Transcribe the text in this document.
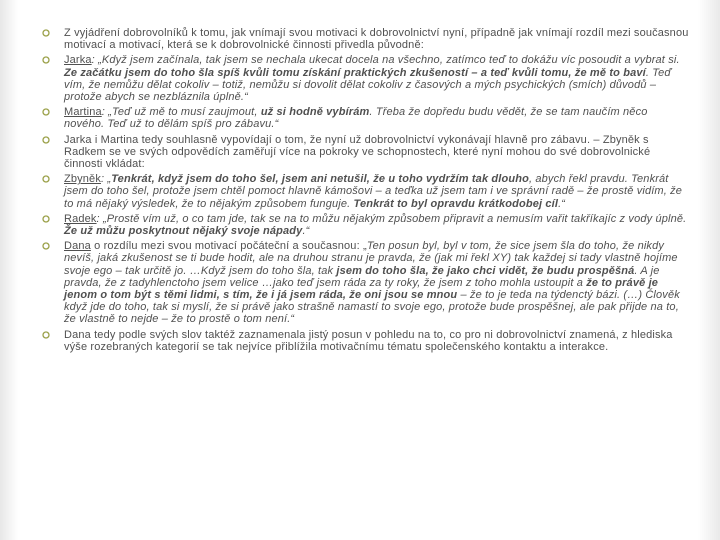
Z vyjádření dobrovolníků k tomu, jak vnímají svou motivaci k dobrovolnictví nyní, případně jak vnímají rozdíl mezi současnou motivací a motivací, která se k dobrovolnické činnosti přivedla původně:
Jarka: „Když jsem začínala, tak jsem se nechala ukecat docela na všechno, zatímco teď to dokážu víc posoudit a vybrat si. Ze začátku jsem do toho šla spíš kvůli tomu získání praktických zkušeností – a teď kvůli tomu, že mě to baví. Teď vím, že nemůžu dělat cokoliv – totiž, nemůžu si dovolit dělat cokoliv z časových a mých psychických (smích) důvodů – protože abych se nezbláznila úplně.“
Martina: „Teď už mě to musí zaujmout, už si hodně vybírám. Třeba že dopředu budu vědět, že se tam naučím něco nového. Teď už to dělám spíš pro zábavu.“
Jarka i Martina tedy souhlasně vypovídají o tom, že nyní už dobrovolnictví vykonávají hlavně pro zábavu. – Zbyněk s Radkem se ve svých odpovědích zaměřují více na pokroky ve schopnostech, které nyní mohou do své dobrovolnické činnosti vkládat:
Zbyněk: „Tenkrát, když jsem do toho šel, jsem ani netušil, že u toho vydržím tak dlouho, abych řekl pravdu. Tenkrát jsem do toho šel, protože jsem chtěl pomoct hlavně kámošovi – a teďka už jsem tam i ve správní radě – že prostě vidím, že to má nějaký výsledek, že to nějakým způsobem funguje. Tenkrát to byl opravdu krátkodobej cíl.“
Radek: „Prostě vím už, o co tam jde, tak se na to můžu nějakým způsobem připravit a nemusím vařit takříkajíc z vody úplně. Že už můžu poskytnout nějaký svoje nápady.“
Dana o rozdílu mezi svou motivací počáteční a současnou: „Ten posun byl, byl v tom, že sice jsem šla do toho, že nikdy nevíš, jaká zkušenost se ti bude hodit, ale na druhou stranu je pravda, že (jak mi řekl XY) tak každej si tady vlastně hojíme svoje ego – tak určitě jo. …Když jsem do toho šla, tak jsem do toho šla, že jako chci vidět, že budu prospěšná. A je pravda, že z tadyhlenctoho jsem velice …jako teď jsem ráda za ty roky, že jsem z toho mohla ustoupit a že to právě je jenom o tom být s těmi lidmi, s tím, že i já jsem ráda, že oni jsou se mnou – že to je teda na týdenctý bázi. (…) Člověk když jde do toho, tak si myslí, že si právě jako strašně namastí to svoje ego, protože bude prospěšnej, ale pak přijde na to, že vlastně to nejde – že to prostě o tom není.“
Dana tedy podle svých slov taktéž zaznamenala jistý posun v pohledu na to, co pro ni dobrovolnictví znamená, z hlediska výše rozebraných kategorií se tak nejvíce přiblížila motivačnímu tématu společenského kontaktu a interakce.
